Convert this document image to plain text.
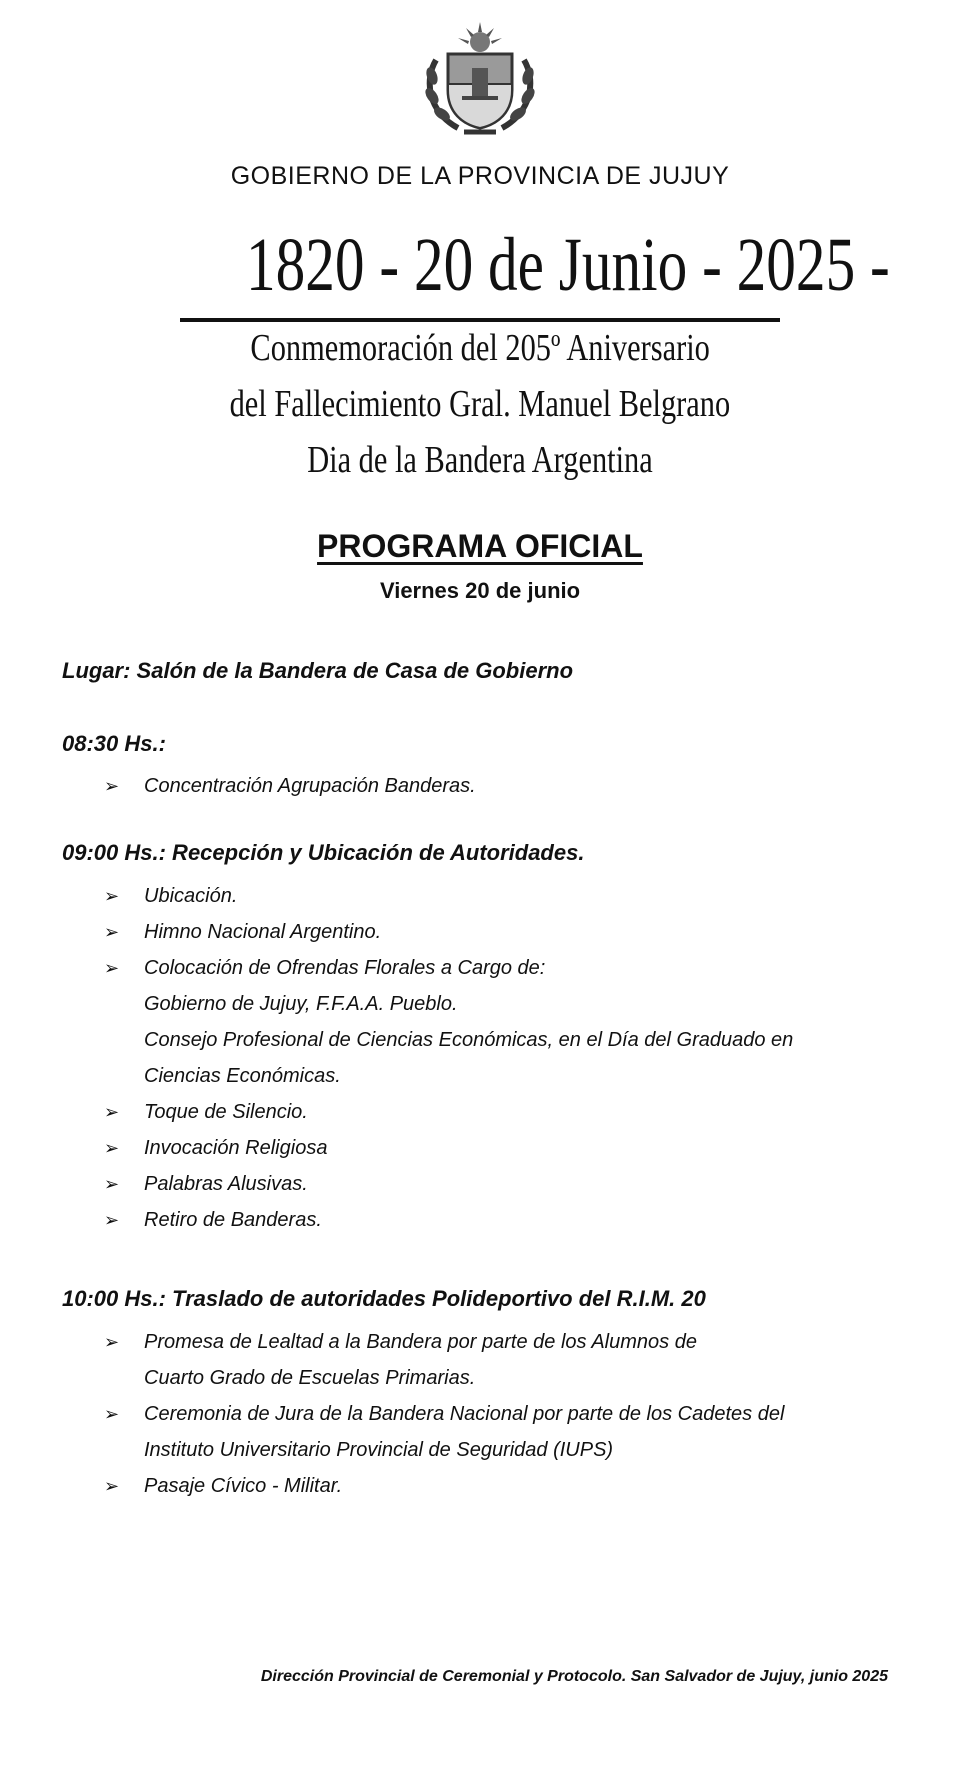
GOBIERNO DE LA PROVINCIA DE JUJUY
1820 - 20 de Junio - 2025 -
Conmemoración del 205º Aniversario
del Fallecimiento Gral. Manuel Belgrano
Dia de la Bandera Argentina
PROGRAMA OFICIAL
Viernes 20 de junio
Lugar: Salón de la Bandera de Casa de Gobierno
08:30 Hs.:
➢ Concentración Agrupación Banderas.
09:00 Hs.: Recepción y Ubicación de Autoridades.
➢ Ubicación.
➢ Himno Nacional Argentino.
➢ Colocación de Ofrendas Florales a Cargo de:
Gobierno de Jujuy, F.F.A.A. Pueblo.
Consejo Profesional de Ciencias Económicas, en el Día del Graduado en
Ciencias Económicas.
➢ Toque de Silencio.
➢ Invocación Religiosa
➢ Palabras Alusivas.
➢ Retiro de Banderas.
10:00 Hs.: Traslado de autoridades Polideportivo del R.I.M. 20
➢ Promesa de Lealtad a la Bandera por parte de los Alumnos de
Cuarto Grado de Escuelas Primarias.
➢ Ceremonia de Jura de la Bandera Nacional por parte de los Cadetes del
Instituto Universitario Provincial de Seguridad (IUPS)
➢ Pasaje Cívico - Militar.
Dirección Provincial de Ceremonial y Protocolo. San Salvador de Jujuy, junio 2025
